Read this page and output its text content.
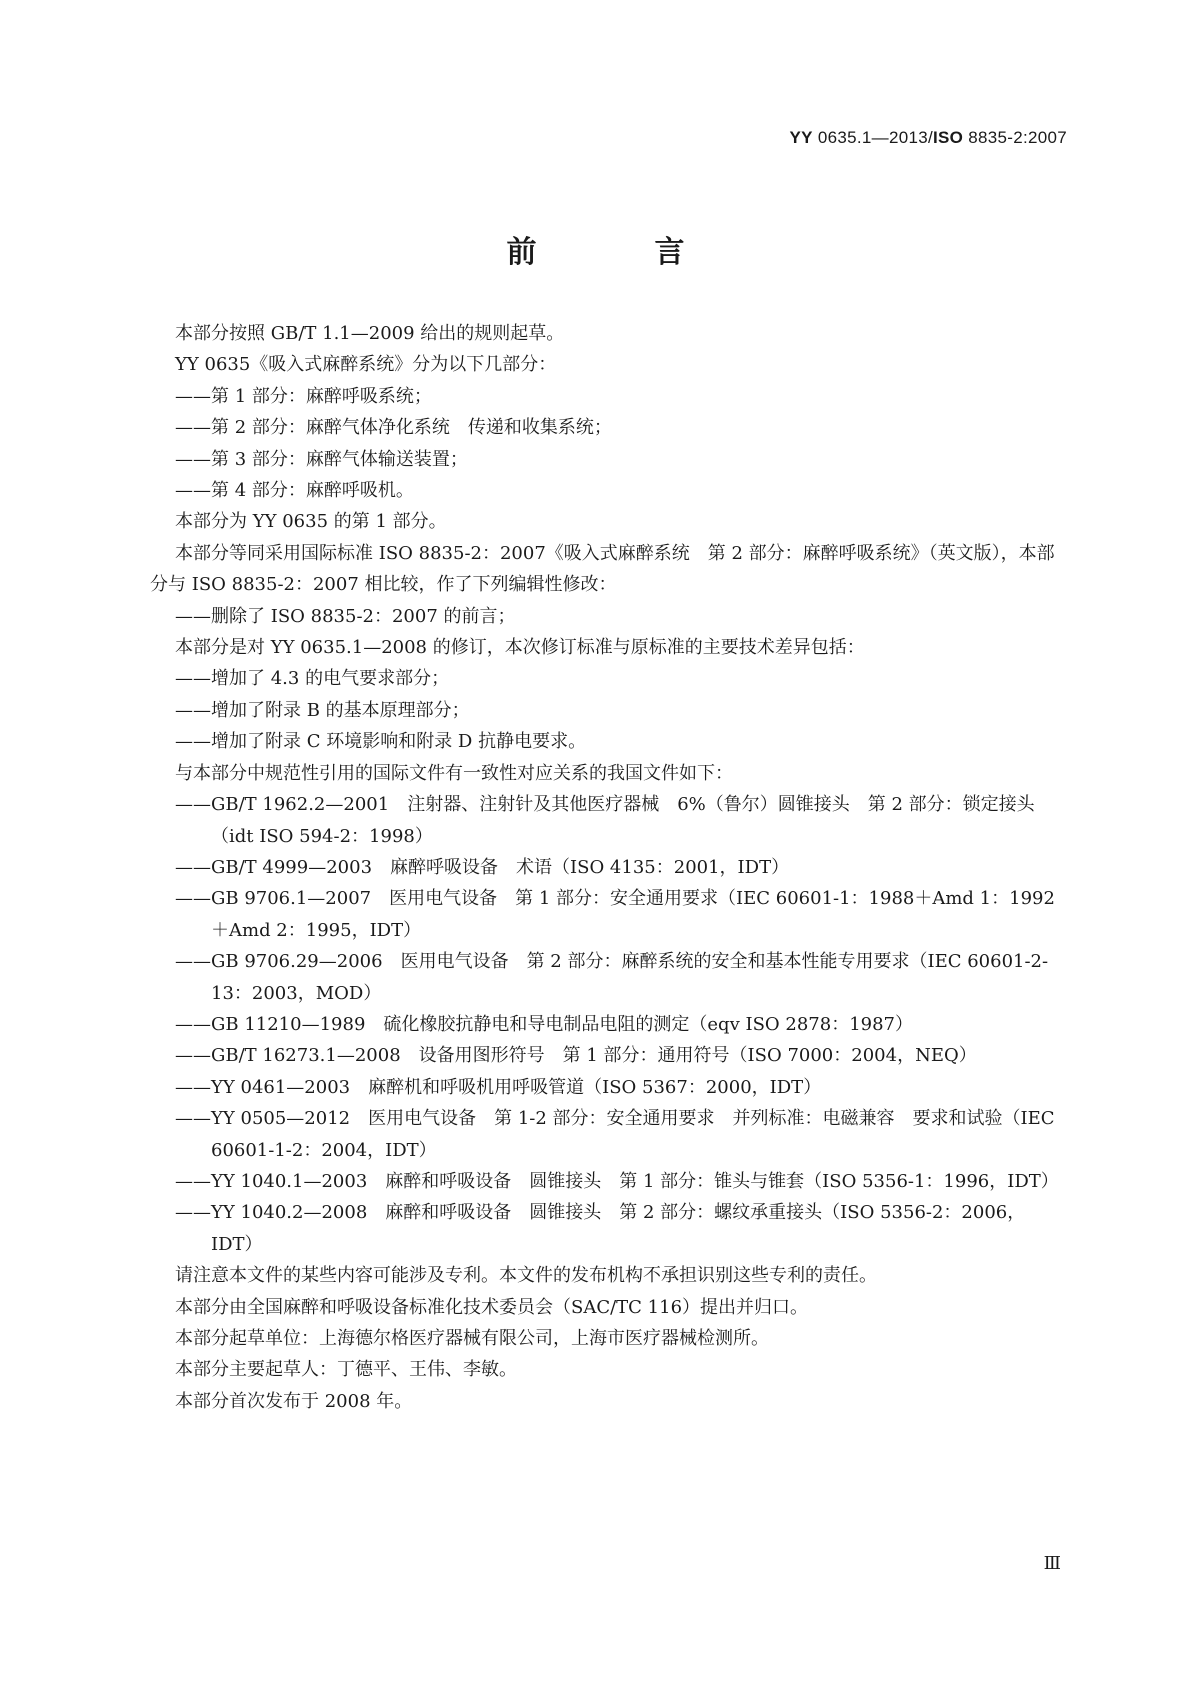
YY 0635.1—2013/ISO 8835-2:2007
前　言
本部分按照 GB/T 1.1—2009 给出的规则起草。
YY 0635《吸入式麻醉系统》分为以下几部分：
——第 1 部分：麻醉呼吸系统；
——第 2 部分：麻醉气体净化系统　传递和收集系统；
——第 3 部分：麻醉气体输送装置；
——第 4 部分：麻醉呼吸机。
本部分为 YY 0635 的第 1 部分。
本部分等同采用国际标准 ISO 8835-2：2007《吸入式麻醉系统　第 2 部分：麻醉呼吸系统》（英文版），本部分与 ISO 8835-2：2007 相比较，作了下列编辑性修改：
——删除了 ISO 8835-2：2007 的前言；
本部分是对 YY 0635.1—2008 的修订，本次修订标准与原标准的主要技术差异包括：
——增加了 4.3 的电气要求部分；
——增加了附录 B 的基本原理部分；
——增加了附录 C 环境影响和附录 D 抗静电要求。
与本部分中规范性引用的国际文件有一致性对应关系的我国文件如下：
——GB/T 1962.2—2001　注射器、注射针及其他医疗器械　6%（鲁尔）圆锥接头　第 2 部分：锁定接头（idt ISO 594-2：1998）
——GB/T 4999—2003　麻醉呼吸设备　术语（ISO 4135：2001，IDT）
——GB 9706.1—2007　医用电气设备　第 1 部分：安全通用要求（IEC 60601-1：1988＋Amd 1：1992＋Amd 2：1995，IDT）
——GB 9706.29—2006　医用电气设备　第 2 部分：麻醉系统的安全和基本性能专用要求（IEC 60601-2-13：2003，MOD）
——GB 11210—1989　硫化橡胶抗静电和导电制品电阻的测定（eqv ISO 2878：1987）
——GB/T 16273.1—2008　设备用图形符号　第 1 部分：通用符号（ISO 7000：2004，NEQ）
——YY 0461—2003　麻醉机和呼吸机用呼吸管道（ISO 5367：2000，IDT）
——YY 0505—2012　医用电气设备　第 1-2 部分：安全通用要求　并列标准：电磁兼容　要求和试验（IEC 60601-1-2：2004，IDT）
——YY 1040.1—2003　麻醉和呼吸设备　圆锥接头　第 1 部分：锥头与锥套（ISO 5356-1：1996，IDT）
——YY 1040.2—2008　麻醉和呼吸设备　圆锥接头　第 2 部分：螺纹承重接头（ISO 5356-2：2006，IDT）
请注意本文件的某些内容可能涉及专利。本文件的发布机构不承担识别这些专利的责任。
本部分由全国麻醉和呼吸设备标准化技术委员会（SAC/TC 116）提出并归口。
本部分起草单位：上海德尔格医疗器械有限公司，上海市医疗器械检测所。
本部分主要起草人：丁德平、王伟、李敏。
本部分首次发布于 2008 年。
Ⅲ
